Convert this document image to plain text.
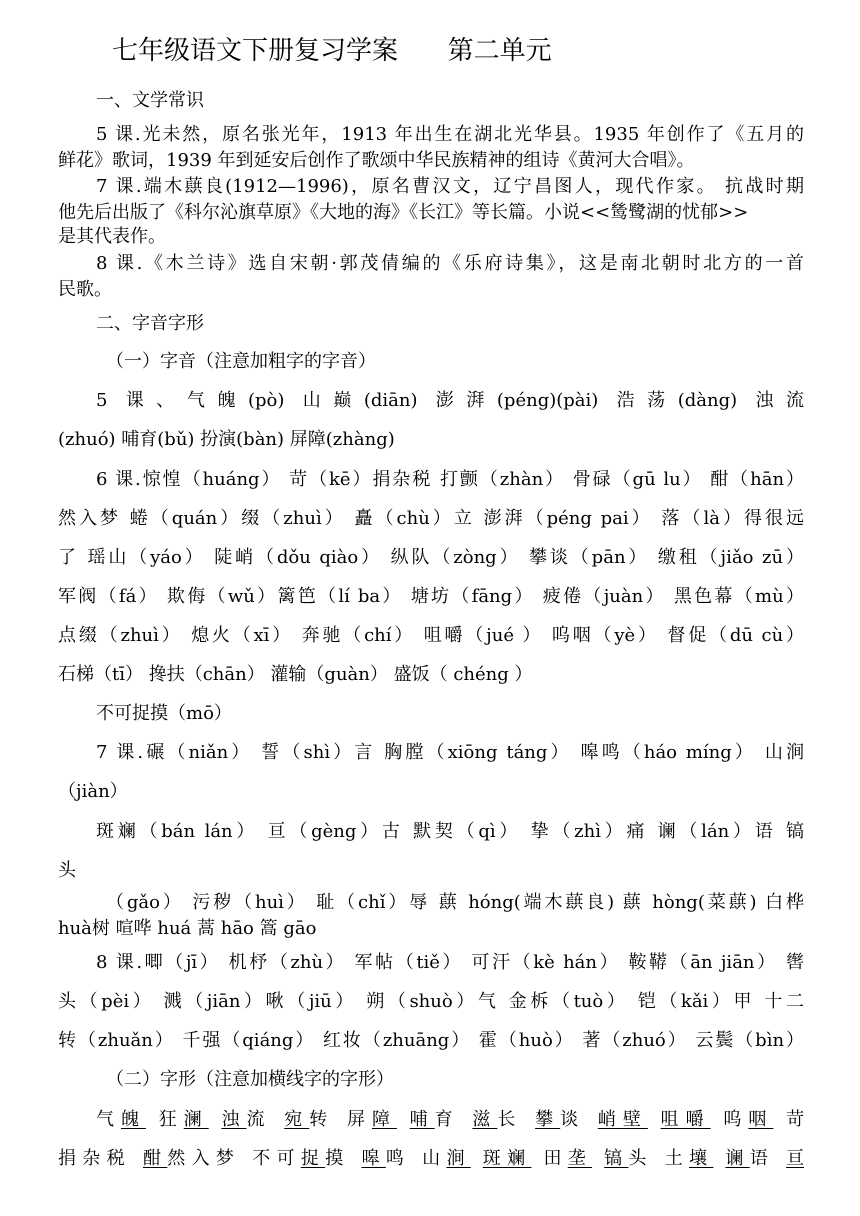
七年级语文下册复习学案      第二单元
一、文学常识
5 课.光未然，原名张光年，1913 年出生在湖北光华县。1935 年创作了《五月的
鲜花》歌词，1939 年到延安后创作了歌颂中华民族精神的组诗《黄河大合唱》。
7 课.端木蕻良(1912—1996)，原名曹汉文，辽宁昌图人，现代作家。 抗战时期
他先后出版了《科尔沁旗草原》《大地的海》《长江》等长篇。小说<<鸶鹭湖的忧郁>>
是其代表作。
8 课.《木兰诗》选自宋朝·郭茂倩编的《乐府诗集》，这是南北朝时北方的一首
民歌。
二、字音字形
（一）字音（注意加粗字的字音）
5 课、气魄(pò) 山巅(diān) 澎湃(péng)(pài) 浩荡(dàng) 浊流
(zhuó) 哺育(bǔ) 扮演(bàn) 屏障(zhàng)
6 课.惊惶（huáng） 苛（kē）捐杂税 打颤（zhàn） 骨碌（gū lu） 酣（hān）
然入梦 蜷（quán）缀（zhuì） 矗（chù）立 澎湃（péng pai） 落（là）得很远
了 瑶山（yáo） 陡峭（dǒu qiào） 纵队（zòng） 攀谈（pān） 缴租（jiǎo zū）
军阀（fá） 欺侮（wǔ）篱笆（lí ba） 塘坊（fāng） 疲倦（juàn） 黑色幕（mù）
点缀（zhuì） 熄火（xī） 奔驰（chí） 咀嚼（jué ） 呜咽（yè） 督促（dū cù）
石梯（tī） 搀扶（chān） 灌输（guàn） 盛饭（ chéng ）
不可捉摸（mō）
7 课.碾（niǎn） 誓（shì）言 胸膛（xiōng táng） 嗥鸣（háo míng） 山涧
（jiàn）
斑斓（bán lán） 亘（gèng）古 默契（qì） 挚（zhì）痛 谰（lán）语 镐
头
（gǎo） 污秽（huì） 耻（chǐ）辱 蕻 hóng(端木蕻良) 蕻 hòng(菜蕻) 白桦
huà树 喧哗 huá 蒿 hāo 篙 gāo
8 课.唧（jī） 机杼（zhù） 军帖（tiě） 可汗（kè hán） 鞍鞯（ān jiān） 辔
头（pèi） 溅（jiān）啾（jiū） 朔（shuò）气 金柝（tuò） 铠（kǎi）甲 十二
转（zhuǎn） 千强（qiáng） 红妆（zhuāng） 霍（huò） 著（zhuó） 云鬓（bìn）
（二）字形（注意加横线字的字形）
气魄 狂澜 浊流 宛转 屏障 哺育 滋长 攀谈 峭壁 咀嚼 呜咽 苛
捐杂税 酣然入梦 不可捉摸 嗥鸣 山涧 斑斓 田垄 镐头 土壤 谰语 亘
